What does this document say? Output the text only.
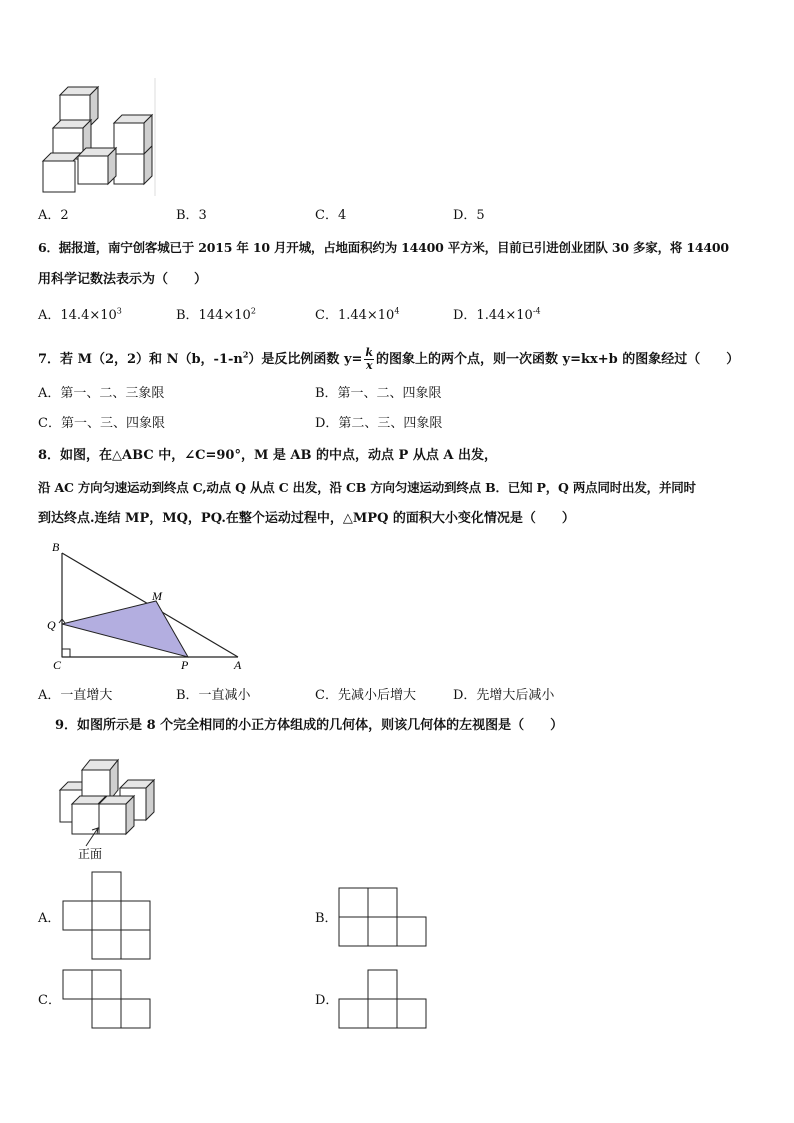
A．2	B．3	C．4	D．5
6．据报道，南宁创客城已于 2015 年 10 月开城，占地面积约为 14400 平方米，目前已引进创业团队 30 多家，将 14400
用科学记数法表示为（　　）
A．$14.4\times 10^3$	B．$144\times 10^2$	C．$1.44\times 10^4$	D．$1.44\times 10^{-4}$
7．若 M（2，2）和 N（b，$-1-n^2$）是反比例函数 $y= \frac{k}{x}$ 的图象上的两个点，则一次函数 y=kx+b 的图象经过（　　）
A．第一、二、三象限	B．第一、二、四象限
C．第一、三、四象限	D．第二、三、四象限
8．如图，在△ABC 中，∠C=90°，M 是 AB 的中点，动点 P 从点 A 出发，
沿 AC 方向匀速运动到终点 C,动点 Q 从点 C 出发，沿 CB 方向匀速运动到终点 B．已知 P，Q 两点同时出发，并同时
到达终点.连结 MP，MQ，PQ.在整个运动过程中，△MPQ 的面积大小变化情况是（　　）
B
M
Q
C	P	A
A．一直增大	B．一直减小	C．先减小后增大	D．先增大后减小
9．如图所示是 8 个完全相同的小正方体组成的几何体，则该几何体的左视图是（　　）
正面
A．	B．
C．	D．
